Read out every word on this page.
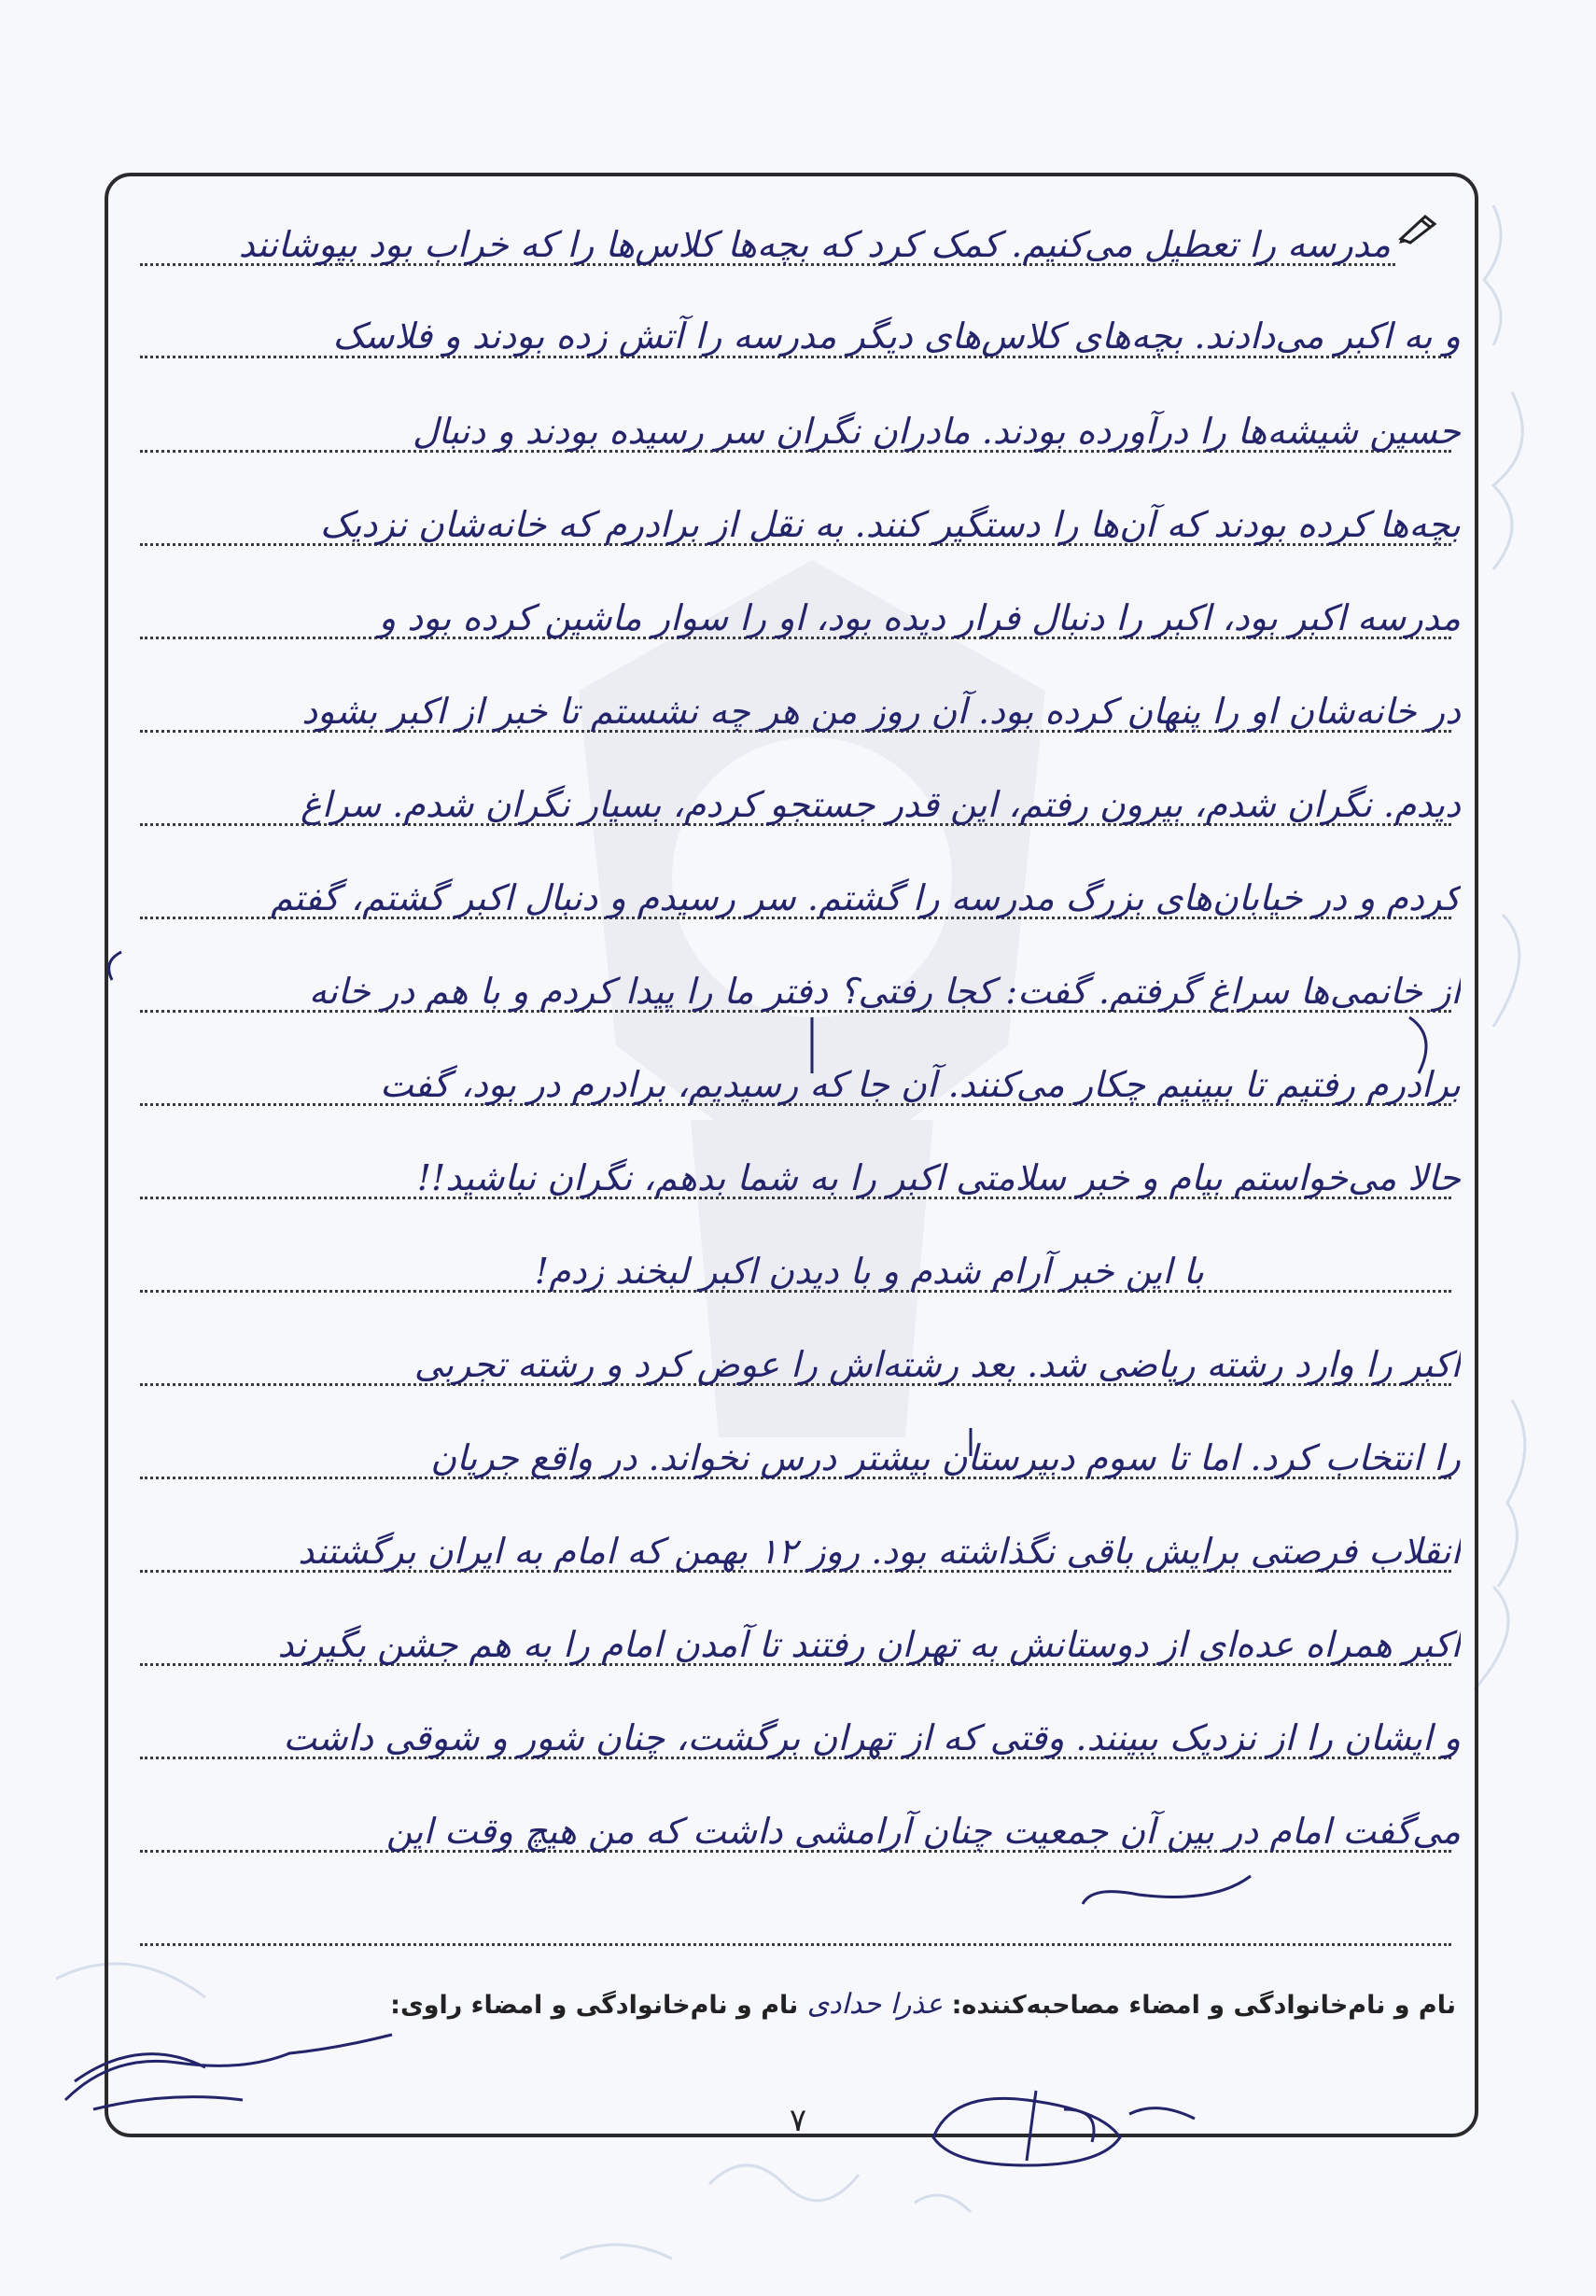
مدرسه را تعطیل می‌کنیم. کمک کرد که بچه‌ها کلاس‌ها را که خراب بود بپوشانند
و به اکبر می‌دادند. بچه‌های کلاس‌های دیگر مدرسه را آتش زده بودند و فلاسک
حسین شیشه‌ها را درآورده بودند. مادران نگران سر رسیده بودند و دنبال
بچه‌ها کرده بودند که آن‌ها را دستگیر کنند. به نقل از برادرم که خانه‌شان نزدیک
مدرسه اکبر بود، اکبر را دنبال فرار دیده بود، او را سوار ماشین کرده بود و
در خانه‌شان او را پنهان کرده بود. آن روز من هر چه نشستم تا خبر از اکبر بشود
دیدم. نگران شدم، بیرون رفتم، این قدر جستجو کردم، بسیار نگران شدم. سراغ
کردم و در خیابان‌های بزرگ مدرسه را گشتم. سر رسیدم و دنبال اکبر گشتم، گفتم
از خانمی‌ها سراغ گرفتم. گفت: کجا رفتی؟ دفتر ما را پیدا کردم و با هم در خانه
برادرم رفتیم تا ببینیم چکار می‌کنند. آن جا که رسیدیم، برادرم در بود، گفت
حالا می‌خواستم بیام و خبر سلامتی اکبر را به شما بدهم، نگران نباشید!!
با این خبر آرام شدم و با دیدن اکبر لبخند زدم!
اکبر را وارد رشته ریاضی شد. بعد رشته‌اش را عوض کرد و رشته تجربی
را انتخاب کرد. اما تا سوم دبیرستان بیشتر درس نخواند. در واقع جریان
انقلاب فرصتی برایش باقی نگذاشته بود. روز ۱۲ بهمن که امام به ایران برگشتند
اکبر همراه عده‌ای از دوستانش به تهران رفتند تا آمدن امام را به هم جشن بگیرند
و ایشان را از نزدیک ببینند. وقتی که از تهران برگشت، چنان شور و شوقی داشت
می‌گفت امام در بین آن جمعیت چنان آرامشی داشت که من هیچ وقت این
نام و نام‌خانوادگی و امضاء مصاحبه‌کننده: عذرا حدادی نام و نام‌خانوادگی و امضاء راوی:
۷
